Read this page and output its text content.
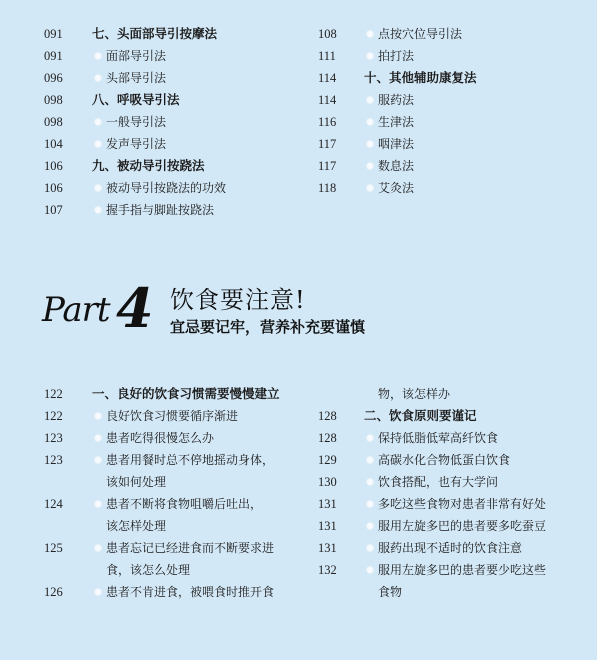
091 七、头面部导引按摩法
091	面部导引法
096	头部导引法
098 八、呼吸导引法
098	一般导引法
104	发声导引法
106 九、被动导引按跷法
106	被动导引按跷法的功效
107	握手指与脚趾按跷法
108	点按穴位导引法
111	拍打法
114 十、其他辅助康复法
114	服药法
116	生津法
117	咽津法
117	数息法
118	艾灸法
Part 4 饮食要注意!
宜忌要记牢，营养补充要谨慎
122 一、良好的饮食习惯需要慢慢建立
122	良好饮食习惯要循序渐进
123	患者吃得很慢怎么办
123	患者用餐时总不停地摇动身体，
该如何处理
124	患者不断将食物咀嚼后吐出，
该怎样处理
125	患者忘记已经进食而不断要求进
食，该怎么处理
126	患者不肯进食，被喂食时推开食
物，该怎样办
128 二、饮食原则要谨记
128	保持低脂低荤高纤饮食
129	高碳水化合物低蛋白饮食
130	饮食搭配，也有大学问
131	多吃这些食物对患者非常有好处
131	服用左旋多巴的患者要多吃蚕豆
131	服药出现不适时的饮食注意
132	服用左旋多巴的患者要少吃这些
食物
